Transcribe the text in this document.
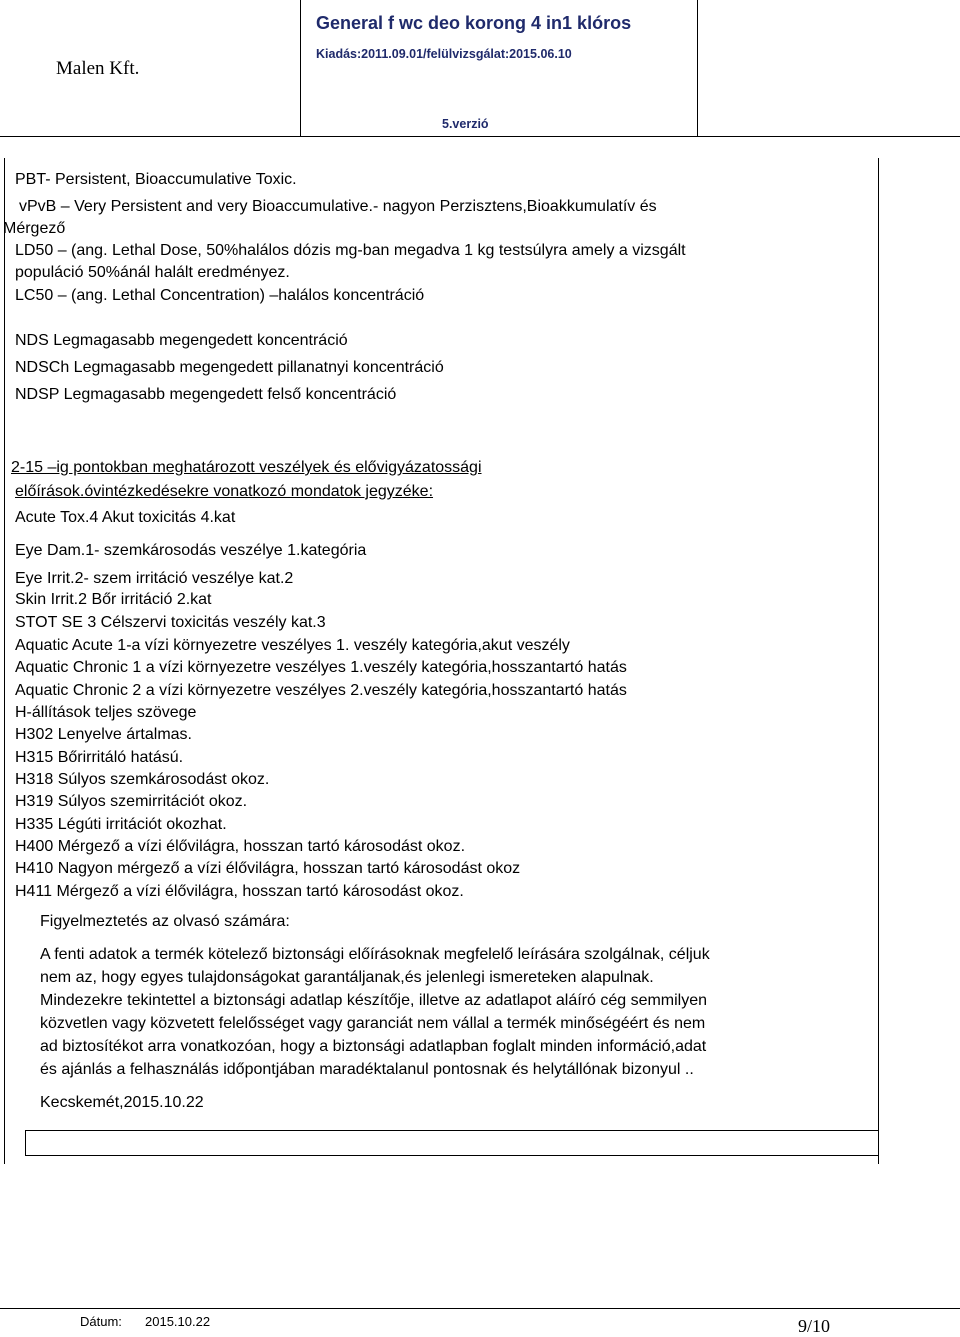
Malen Kft.
General f wc deo korong 4 in1 klóros
Kiadás:2011.09.01/felülvizsgálat:2015.06.10
5.verzió
PBT- Persistent, Bioaccumulative Toxic.
vPvB – Very Persistent and very Bioaccumulative.- nagyon Perzisztens,Bioakkumulatív és
Mérgező
LD50 – (ang. Lethal Dose, 50%halálos dózis mg-ban megadva 1 kg testsúlyra amely a vizsgált
populáció 50%ánál halált eredményez.
LC50 – (ang. Lethal Concentration) –halálos koncentráció
NDS Legmagasabb megengedett koncentráció
NDSCh Legmagasabb megengedett pillanatnyi koncentráció
NDSP Legmagasabb megengedett felső koncentráció
2-15 –ig pontokban meghatározott veszélyek és elővigyázatossági
előírások.óvintézkedésekre vonatkozó mondatok jegyzéke:
Acute Tox.4 Akut toxicitás 4.kat
Eye Dam.1- szemkárosodás veszélye 1.kategória
Eye Irrit.2- szem irritáció veszélye kat.2
Skin Irrit.2 Bőr irritáció 2.kat
STOT SE 3 Célszervi toxicitás veszély kat.3
Aquatic Acute 1-a vízi környezetre veszélyes 1. veszély kategória,akut veszély
Aquatic Chronic 1 a vízi környezetre veszélyes 1.veszély kategória,hosszantartó hatás
Aquatic Chronic 2 a vízi környezetre veszélyes 2.veszély kategória,hosszantartó hatás
H-állítások teljes szövege
H302 Lenyelve ártalmas.
H315 Bőrirritáló hatású.
H318 Súlyos szemkárosodást okoz.
H319 Súlyos szemirritációt okoz.
H335 Légúti irritációt okozhat.
H400 Mérgező a vízi élővilágra, hosszan tartó károsodást okoz.
H410 Nagyon mérgező a vízi élővilágra, hosszan tartó károsodást okoz
H411 Mérgező a vízi élővilágra, hosszan tartó károsodást okoz.
Figyelmeztetés az olvasó számára:
A fenti adatok a termék kötelező biztonsági előírásoknak megfelelő leírására szolgálnak, céljuk
nem az, hogy egyes tulajdonságokat garantáljanak,és jelenlegi ismereteken alapulnak.
Mindezekre tekintettel a biztonsági adatlap készítője, illetve az adatlapot aláíró cég semmilyen
közvetlen vagy közvetett felelősséget vagy garanciát nem vállal a termék minőségéért és nem
ad biztosítékot arra vonatkozóan, hogy a biztonsági adatlapban foglalt minden információ,adat
és ajánlás a felhasználás időpontjában maradéktalanul pontosnak és helytállónak bizonyul ..
Kecskemét,2015.10.22
Dátum: 2015.10.22	9/10
